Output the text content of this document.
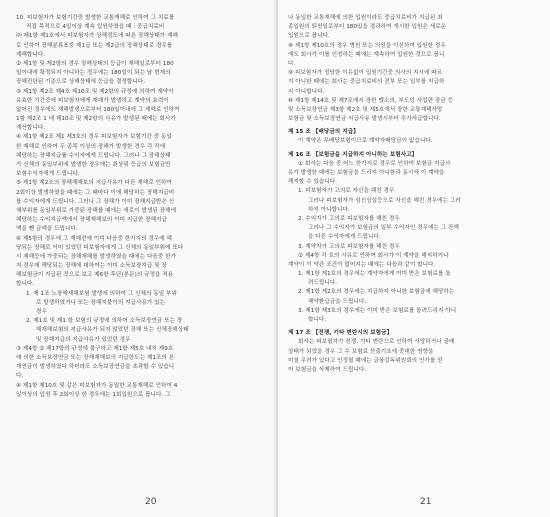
10. 피보험자가 보험기간중 발생한 교통재해로 인하여 그 치료를
직접 목적으로 4일이상 계속 입원하였을 때 : 중급치료비
㈜ 제1항 제1호에서 피보험자가 상해정도에 따른 장해상태가 재해
로 인하여 장해분류표중 제1급 또는 제2급의 장해상태로 경우를
재해합니다.
② 제1항 및 제2항의 경우 장해상태의 등급이 재해일로부터 180
일이내에 확정되지 아니하는 경우에는 180일이 되는 날 현재의
장해진단된 기준으로 상해상태에 등급을 결정합니다.
③ 제1항 제2조 제4호 제10조 및 제2항의 규정에 의하여 계약이
유효한 기간중에 피보험자에게 재해가 발생하고 계약의 효력이
없어진 경우에도 재해발생으로부터 180일이내에 그 재해로 인하여
1할 제2조 1 내 제10조 및 제2항의 사유가 발생된 때에는 회사가
계산합니다.
④ 제1항 제2조 제1 제3호의 경우 피보험자가 보험기간 중 동일
한 재해로 인하여 두 종목 이상의 장해가 발생한 경우 각 각에
해당하는 장해지급률 수익자에게 드립니다. 그러나 그 장해상태
가 신체의 동일부위에 발생한 경우에는 최상위 등급의 보험금만
보험수익자에게 드립니다.
⑤ 제1항 제2조의 장해재해보의 지급사유가 다른 재해로 인하여
2회이상 발생하였을 때에는 그 때마다 이에 해당하는 장해지급비
를 수익자에게 드립니다. 그러나 그 장해가 이미 장해지급받은 신
체부위를 동일부위로 가중된 장해를 때에는 새로이 발생된 장해에
해당하는 수익지급액에서 장해재해보의 이미 지급한 장해지급
액을 뺀 금액을 드립니다.
⑥ 제5항의 경우에 그 재해전에 이미 다음중 한가지의 경우에 해
당되는 장해로 이미 있었던 피보험자에게 그 신체의 동일부위에 또다
시 재해등에 가중되는 장해재해를 발생하였을 때에는 다음중 한가
지 경우에 해당되는 장해에 대하여는 이미 소득보장지급 및 장
해보험금이 지급된 것으로 보고 제6항 후단(본문)의 규정을 적용
합니다.
1. 제 1조 노장해재해보험 발생에 의하여 그 신체의 동일 부위
로 발생하였거나 또는 장해지불이의 지급사유가 있는
경우
2. 제1호 및 제1 항 보험의 규정에 의하여 소득보장연금 또는 장
해재해보험의 지급사유가 되지 않았던 장해 또는 신체장해상태
및 장해지급의 지급사유가 있었던 경우
③ 제4항 ② 제17항의 규정에 불구하고 제1항 제5호 내지 제9호
에 의한 소득보장연금 또는 장해재해보의 지급한도는 제1조의 본
재연금이 발생하였다 하더라도 소득보장연금을 초과할 수 있습니
다.
④ 제1항 제10호 및 같은 피보험자가 동일한 교통재해로 인하여 4
일이상의 입원 후 2회이상 한 경우에는 1회입원으로 봅니다. 그
20
나 동일한 교통재해에 의한 입원이라도 중급치료비가 지급된 최
종입원의 퇴원일로부터 180일을 경과하여 개시한 입원은 새로운
입원으로 봅니다.
⑧ 제1항 제10호의 경우 병원 또는 의원을 이신하여 입원한 경우
에도 회사가 이를 인정하는 때에는 계속하여 입원한 것으로 봅니
다.
⑨ 피보험자가 정당한 이유없이 입원기간중 의사의 지시에 따르
지 아니한 때에는 회사는 중급치료비의 전부 또는 일부를 지급하
지 아니합니다.
⑩ 제1항 제14호 및 제7조에서 장한 벨소의, 부도잉 사업편 장금 등
및 소득보장연금 제3항 제2호 및 제5호에서 장한 교통재해사망
보험금 및 소득보장연금 지급사유 발생시부터 추가지급합니다.
제 15 조 【배당금의 지급】
이 계약은 무배당보험이므로 계약자배당금이 없습니다.
제 16 조 【보험금을 지급하지 아니하는 보험사고】
① 회사는 다음 중 어느 한가지로 경우로 인하여 보험금 지급사
유가 발생한 때에는 보험금을 드리지 아니함과 동시에 이 계약을
해지할 수 있습니다.
1. 피보험자가 고의로 자신을 해친 경우
그러나 피보험자가 심신상실등으로 자신을 해친 경우에는 그러
하지 아니합니다.
2. 수익자가 고의로 피보험자를 해친 경우
그러나 그 수익자가 보험금의 일부 수익자인 경우에는 그 잔액
을 다른 수익자에게 드립니다.
3. 계약자가 고의로 피보험자를 해친 경우
② 제4항 각 호의 사유로 인하여 회사가 이 계약을 해지하거나
계약이 이 약관 조건이 없어지는 때에는 다음과 같이 합니다.
1. 제1항 제1호의 경우에는 계약자에게 이미 받은 보험료를 돌
려드립니다.
2. 제1항 제2호의 경우에는 지급하지 아니한 보험금에 해당하는
해약환급금을 드립니다.
3. 제1항 제3호의 경우에는 이미 받은 보험료를 돌려드리지 아니
합니다.
제 17 조 【전쟁, 기타 변란시의 보험금】
회사는 피보험자가 전쟁, 기타 변란으로 인하여 사망하거나 골레
상태가 되었을 경우 그 수 보험료 산출기초에 중대한 영향을
미칠 우려가 있다고 인정될 때에는 금융감독위원회의 인가를 얻
어 보험금을 삭제하여 드립니다.
21
